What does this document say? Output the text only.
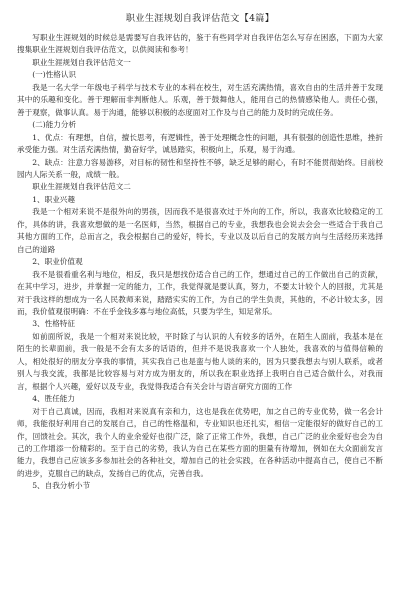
职业生涯规划自我评估范文【4篇】

写职业生涯规划的时候总是需要写自我评估的，鉴于有些同学对自我评估怎么写存在困惑，下面为大家搜集职业生涯规划自我评估范文，以供阅读和参考！

职业生涯规划自我评估范文一

(一)性格认识

我是一名大学一年级电子科学与技术专业的本科在校生，对生活充满热情，喜欢自由的生活并善于发现其中的乐趣和变化。善于理解而非判断他人。乐观，善于鼓舞他人，能用自己的热情感染他人。责任心强，善于观察，做事认真。易于沟通，能够以积极的态度面对工作及与自己的能力及时的完成任务。

(二)能力分析

1、优点：有理想，自信，擅长思考，有逻辑性，善于处理概念性的问题，具有很强的创造性思维，挫折承受能力强。对生活充满热情，勤奋好学，诚恳踏实，积极向上，乐观，易于沟通。

2、缺点：注意力容易游移，对目标的韧性和坚持性不够，缺乏足够的耐心，有时不能贯彻始终。目前校园内人际关系一般，成绩一般。

职业生涯规划自我评估范文二

1、职业兴趣

我是一个相对来说不是很外向的男孩，因而我不是很喜欢过于外向的工作，所以，我喜欢比较稳定的工作，具体的讲，我喜欢想做的是一名医师，当然，根据自己的专业，我想我也会说去会会一些适合于我自己其他方面的工作，总而言之，我会根据自己的爱好，特长，专业以及以后自己的发展方向与生活经历来选择自己的道路

2、职业价值观

我不是很看重名利与地位，相反，我只是想找份适合自己的工作，想通过自己的工作做出自己的贡献，在其中学习，进步，并掌握一定的能力，工作，我觉得就是要认真，努力，不要太计较个人的回报，尤其是对于我这样的想成为一名人民教师来说，踏踏实实的工作，为自己的学生负责，其他的，不必计较太多，因而，我价值观很明确：不在乎金钱多寡与地位高低，只要为学生，知足常乐。

3、性格特征

如前面所说，我是一个相对来说比较，平时除了与认识的人有较多的话外，在陌生人面前，我基本是在陌生的长辈面前，我一般是不会有太多的话语的，但并不是说我喜欢一个人独处，我喜欢的与值得信赖的人，相处很好的朋友分享我的事情，其实我自己也是蛮与他人谈的来的，因为只要我想去与别人联系，或者别人与我交流，我都是比较容易与对方成为朋友的，所以我在职业选择上我明白自己适合做什么，对我而言，根据个人兴趣，爱好以及专业，我觉得我适合有关会计与语言研究方面的工作

4、胜任能力

对于自己真诚，因而，我相对来说真有亲和力，这也是我在优势吧，加之自己的专业优势，做一名会计师，我能很好利用自己的发展自己，自己的性格温和，专业知识也还扎实，相信一定能很好的做好自己的工作，回馈社会。其次，我个人的业余爱好也很广泛，除了正常工作外，我想，自己广泛的业余爱好也会为自己的工作增添一份精彩的。至于自己的劣势，我认为自己在某些方面的胆量有待增加，例如在大众面前发言能力，我想自己应该多多参加社会的各种社交，增加自己的社会实践，在各种活动中提高自己，使自己不断的进步，克服自己的缺点，发扬自己的优点，完善自我。

5、自我分析小节
